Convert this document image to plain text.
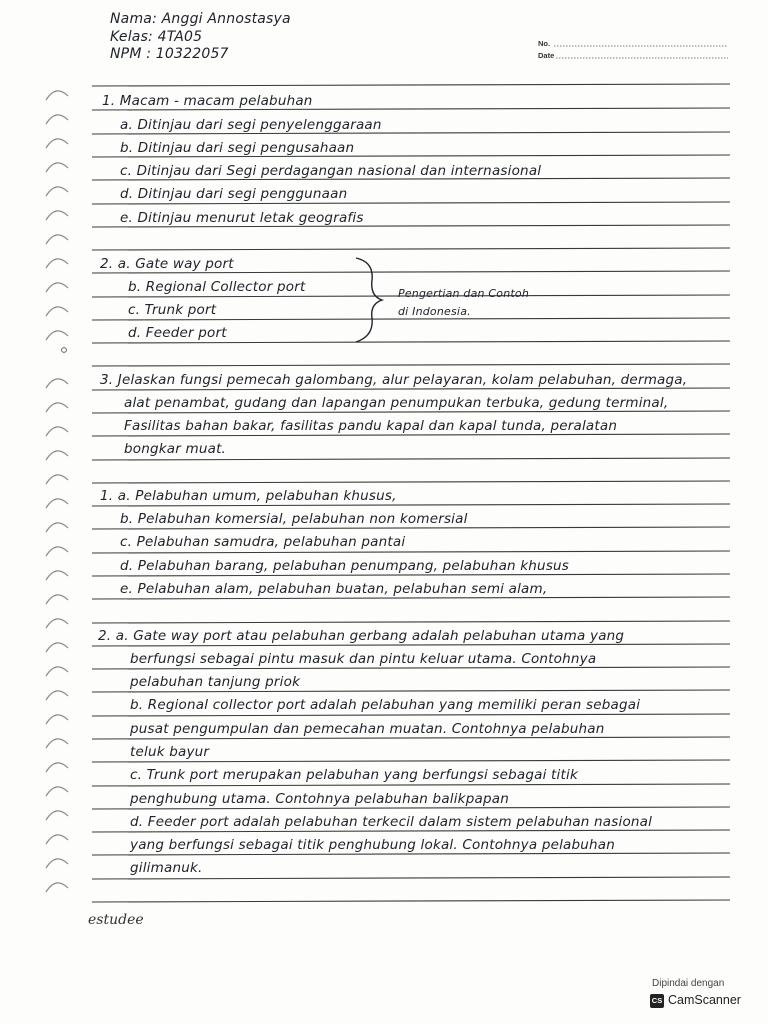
Nama: Anggi Annostasya
Kelas: 4TA05
NPM : 10322057
No.
Date
1. Macam - macam pelabuhan
a. Ditinjau dari segi penyelenggaraan
b. Ditinjau dari segi pengusahaan
c. Ditinjau dari Segi perdagangan nasional dan internasional
d. Ditinjau dari segi penggunaan
e. Ditinjau menurut letak geografis
2. a. Gate way port
b. Regional Collector port
c. Trunk port
d. Feeder port
Pengertian dan Contoh
di Indonesia.
3. Jelaskan fungsi pemecah galombang, alur pelayaran, kolam pelabuhan, dermaga,
alat penambat, gudang dan lapangan penumpukan terbuka, gedung terminal,
Fasilitas bahan bakar, fasilitas pandu kapal dan kapal tunda, peralatan
bongkar muat.
1. a. Pelabuhan umum, pelabuhan khusus,
b. Pelabuhan komersial, pelabuhan non komersial
c. Pelabuhan samudra, pelabuhan pantai
d. Pelabuhan barang, pelabuhan penumpang, pelabuhan khusus
e. Pelabuhan alam, pelabuhan buatan, pelabuhan semi alam,
2. a. Gate way port atau pelabuhan gerbang adalah pelabuhan utama yang
berfungsi sebagai pintu masuk dan pintu keluar utama. Contohnya
pelabuhan tanjung priok
b. Regional collector port adalah pelabuhan yang memiliki peran sebagai
pusat pengumpulan dan pemecahan muatan. Contohnya pelabuhan
teluk bayur
c. Trunk port merupakan pelabuhan yang berfungsi sebagai titik
penghubung utama. Contohnya pelabuhan balikpapan
d. Feeder port adalah pelabuhan terkecil dalam sistem pelabuhan nasional
yang berfungsi sebagai titik penghubung lokal. Contohnya pelabuhan
gilimanuk.
estudee
Dipindai dengan
CS CamScanner
